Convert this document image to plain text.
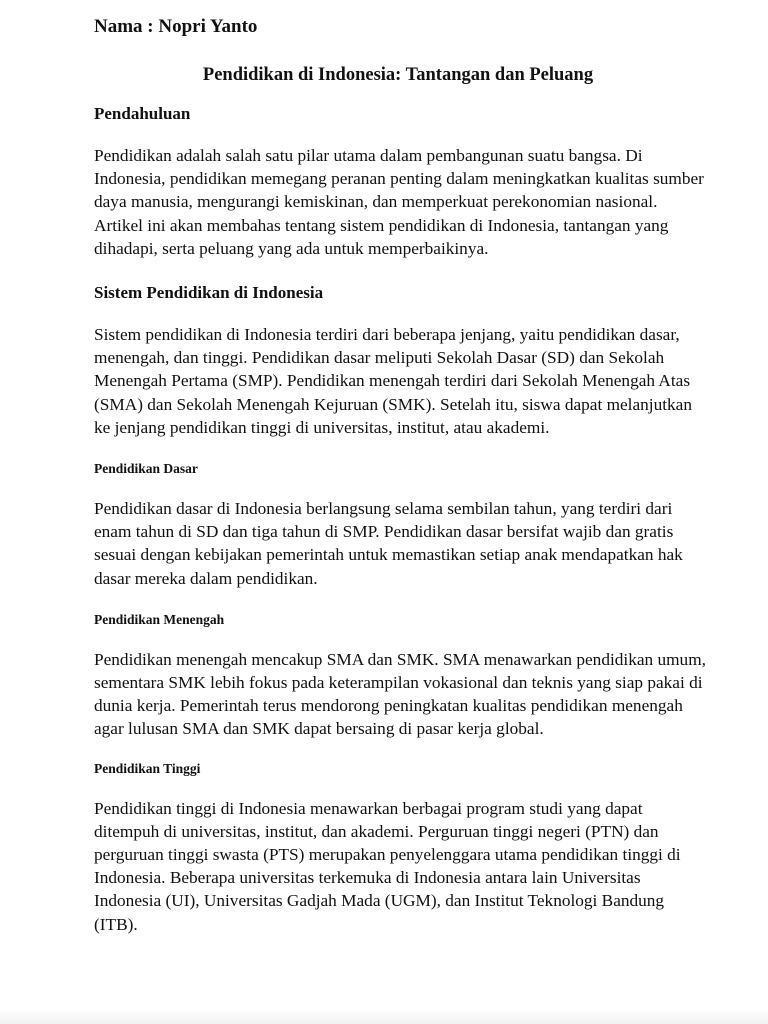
Nama : Nopri Yanto

Pendidikan di Indonesia: Tantangan dan Peluang

Pendahuluan

Pendidikan adalah salah satu pilar utama dalam pembangunan suatu bangsa. Di Indonesia, pendidikan memegang peranan penting dalam meningkatkan kualitas sumber daya manusia, mengurangi kemiskinan, dan memperkuat perekonomian nasional. Artikel ini akan membahas tentang sistem pendidikan di Indonesia, tantangan yang dihadapi, serta peluang yang ada untuk memperbaikinya.

Sistem Pendidikan di Indonesia

Sistem pendidikan di Indonesia terdiri dari beberapa jenjang, yaitu pendidikan dasar, menengah, dan tinggi. Pendidikan dasar meliputi Sekolah Dasar (SD) dan Sekolah Menengah Pertama (SMP). Pendidikan menengah terdiri dari Sekolah Menengah Atas (SMA) dan Sekolah Menengah Kejuruan (SMK). Setelah itu, siswa dapat melanjutkan ke jenjang pendidikan tinggi di universitas, institut, atau akademi.

Pendidikan Dasar

Pendidikan dasar di Indonesia berlangsung selama sembilan tahun, yang terdiri dari enam tahun di SD dan tiga tahun di SMP. Pendidikan dasar bersifat wajib dan gratis sesuai dengan kebijakan pemerintah untuk memastikan setiap anak mendapatkan hak dasar mereka dalam pendidikan.

Pendidikan Menengah

Pendidikan menengah mencakup SMA dan SMK. SMA menawarkan pendidikan umum, sementara SMK lebih fokus pada keterampilan vokasional dan teknis yang siap pakai di dunia kerja. Pemerintah terus mendorong peningkatan kualitas pendidikan menengah agar lulusan SMA dan SMK dapat bersaing di pasar kerja global.

Pendidikan Tinggi

Pendidikan tinggi di Indonesia menawarkan berbagai program studi yang dapat ditempuh di universitas, institut, dan akademi. Perguruan tinggi negeri (PTN) dan perguruan tinggi swasta (PTS) merupakan penyelenggara utama pendidikan tinggi di Indonesia. Beberapa universitas terkemuka di Indonesia antara lain Universitas Indonesia (UI), Universitas Gadjah Mada (UGM), dan Institut Teknologi Bandung (ITB).
